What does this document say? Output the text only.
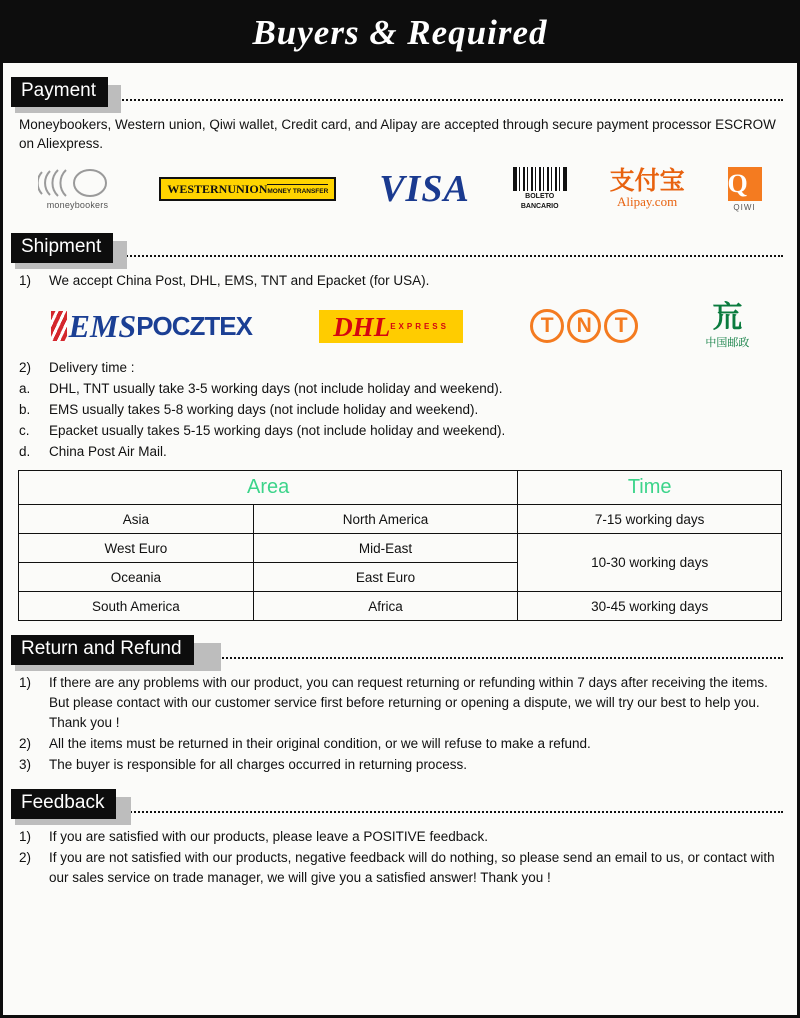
Buyers & Required
Payment

Moneybookers, Western union, Qiwi wallet, Credit card, and Alipay are accepted through secure payment processor ESCROW on Aliexpress.

moneybookers
WESTERN UNION MONEY TRANSFER VISA	BOLETO
BANCARIO
支付宝
Alipay.com
Q
QIWI
Shipment
1)	We accept China Post, DHL, EMS, TNT and Epacket (for USA).
EMS POCZTEX	DHL EXPRESS	T	N	T	巟
中国邮政
2)	Delivery time :
a.	DHL, TNT usually take 3-5 working days (not include holiday and weekend).
b.	EMS usually takes 5-8 working days (not include holiday and weekend).
c.	Epacket usually takes 5-15 working days (not include holiday and weekend).
d.	China Post Air Mail.
Area		Time
Asia	North America	7-15 working days
West Euro	Mid-East	10-30 working days
Oceania	East Euro	
South America	Africa	30-45 working days
Return and Refund
1)	If there are any problems with our product, you can request returning or refunding within 7 days after receiving the items. But please contact with our customer service first before returning or opening a dispute, we will try our best to help you. Thank you !
2)	All the items must be returned in their original condition, or we will refuse to make a refund.
3)	The buyer is responsible for all charges occurred in returning process.
Feedback
1)	If you are satisfied with our products, please leave a POSITIVE feedback.
2)	If you are not satisfied with our products, negative feedback will do nothing, so please send an email to us, or contact with our sales service on trade manager, we will give you a satisfied answer! Thank you !
